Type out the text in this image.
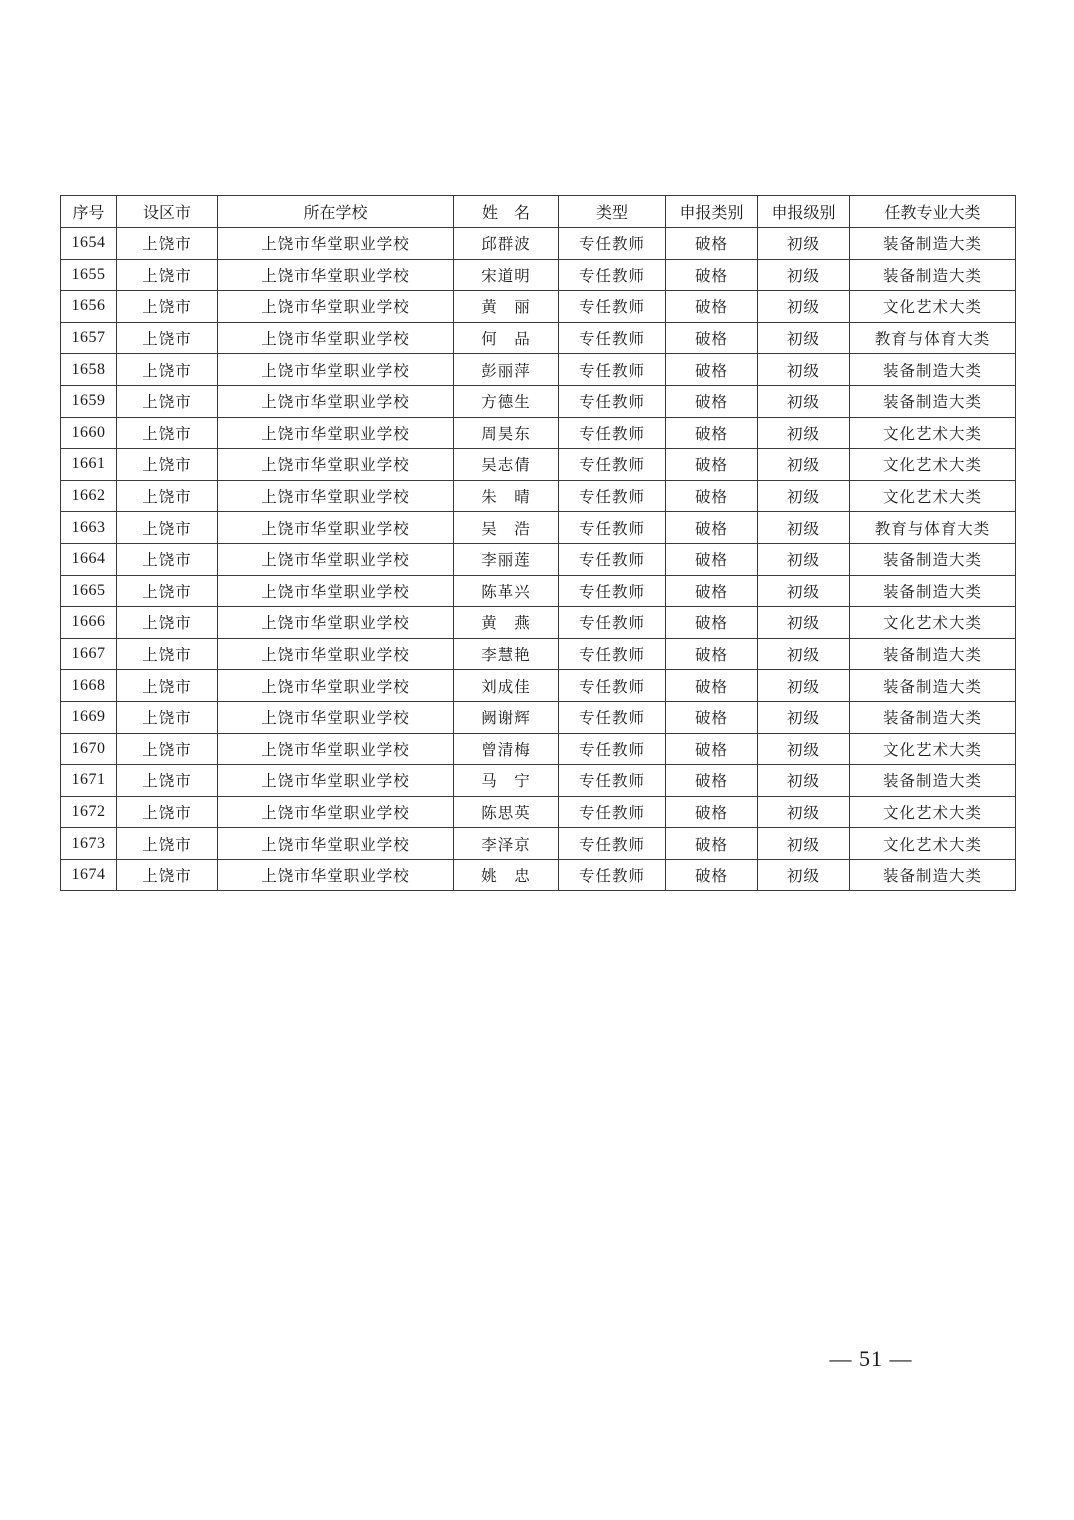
序号	设区市	所在学校	姓　名	类型	申报类别	申报级别	任教专业大类
1654	上饶市	上饶市华堂职业学校	邱群波	专任教师	破格	初级	装备制造大类
1655	上饶市	上饶市华堂职业学校	宋道明	专任教师	破格	初级	装备制造大类
1656	上饶市	上饶市华堂职业学校	黄　丽	专任教师	破格	初级	文化艺术大类
1657	上饶市	上饶市华堂职业学校	何　品	专任教师	破格	初级	教育与体育大类
1658	上饶市	上饶市华堂职业学校	彭丽萍	专任教师	破格	初级	装备制造大类
1659	上饶市	上饶市华堂职业学校	方德生	专任教师	破格	初级	装备制造大类
1660	上饶市	上饶市华堂职业学校	周昊东	专任教师	破格	初级	文化艺术大类
1661	上饶市	上饶市华堂职业学校	吴志倩	专任教师	破格	初级	文化艺术大类
1662	上饶市	上饶市华堂职业学校	朱　晴	专任教师	破格	初级	文化艺术大类
1663	上饶市	上饶市华堂职业学校	吴　浩	专任教师	破格	初级	教育与体育大类
1664	上饶市	上饶市华堂职业学校	李丽莲	专任教师	破格	初级	装备制造大类
1665	上饶市	上饶市华堂职业学校	陈革兴	专任教师	破格	初级	装备制造大类
1666	上饶市	上饶市华堂职业学校	黄　燕	专任教师	破格	初级	文化艺术大类
1667	上饶市	上饶市华堂职业学校	李慧艳	专任教师	破格	初级	装备制造大类
1668	上饶市	上饶市华堂职业学校	刘成佳	专任教师	破格	初级	装备制造大类
1669	上饶市	上饶市华堂职业学校	阙谢辉	专任教师	破格	初级	装备制造大类
1670	上饶市	上饶市华堂职业学校	曾清梅	专任教师	破格	初级	文化艺术大类
1671	上饶市	上饶市华堂职业学校	马　宁	专任教师	破格	初级	装备制造大类
1672	上饶市	上饶市华堂职业学校	陈思英	专任教师	破格	初级	文化艺术大类
1673	上饶市	上饶市华堂职业学校	李泽京	专任教师	破格	初级	文化艺术大类
1674	上饶市	上饶市华堂职业学校	姚　忠	专任教师	破格	初级	装备制造大类
— 51 —
